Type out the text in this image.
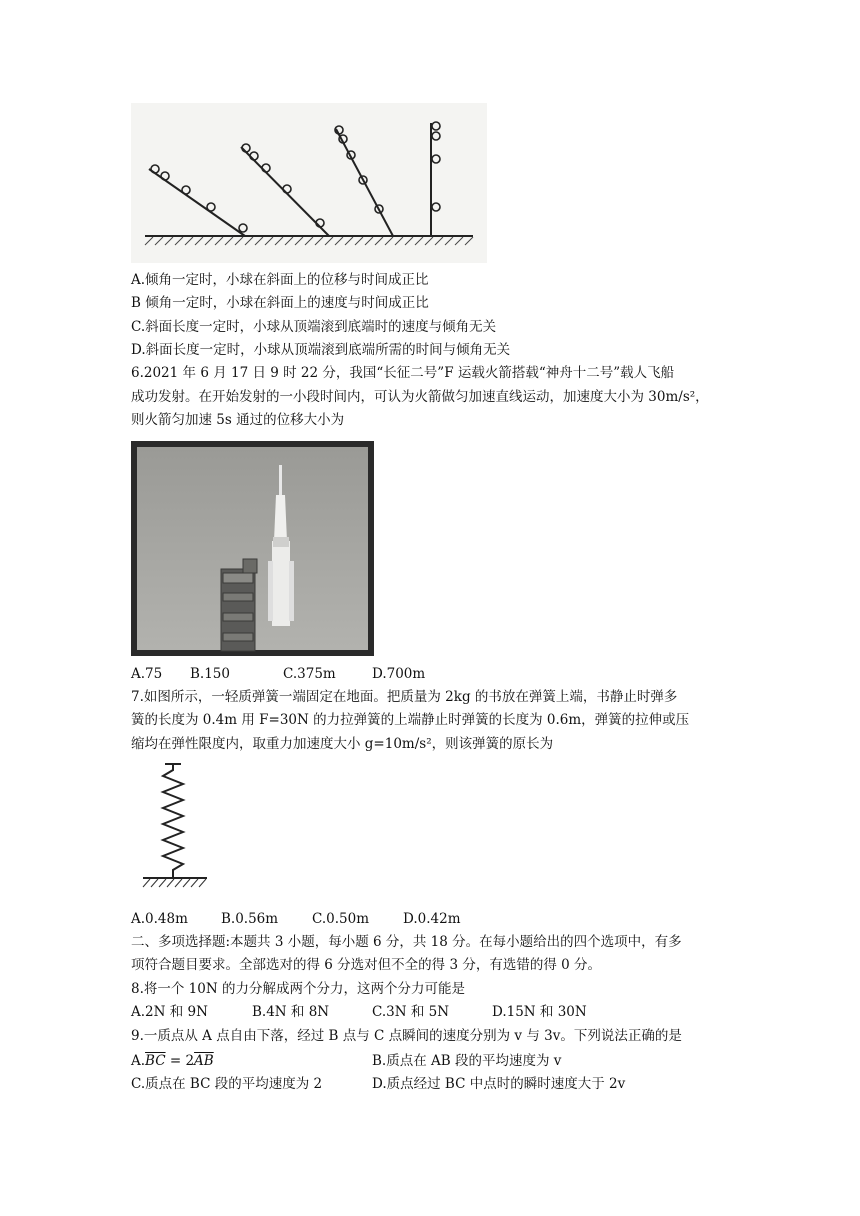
A.倾角一定时，小球在斜面上的位移与时间成正比
B 倾角一定时，小球在斜面上的速度与时间成正比
C.斜面长度一定时，小球从顶端滚到底端时的速度与倾角无关
D.斜面长度一定时，小球从顶端滚到底端所需的时间与倾角无关
6.2021 年 6 月 17 日 9 时 22 分，我国“长征二号”F 运载火箭搭载“神舟十二号”载人飞船
成功发射。在开始发射的一小段时间内，可认为火箭做匀加速直线运动，加速度大小为 30m/s²，
则火箭匀加速 5s 通过的位移大小为
A.75 B.150	C.375m	D.700m
7.如图所示，一轻质弹簧一端固定在地面。把质量为 2kg 的书放在弹簧上端，书静止时弹多
簧的长度为 0.4m 用 F=30N 的力拉弹簧的上端静止时弹簧的长度为 0.6m，弹簧的拉伸或压
缩均在弹性限度内，取重力加速度大小 g=10m/s²，则该弹簧的原长为
A.0.48m B.0.56m	C.0.50m	D.0.42m
二、多项选择题:本题共 3 小题，每小题 6 分，共 18 分。在每小题给出的四个选项中，有多
项符合题目要求。全部选对的得 6 分选对但不全的得 3 分，有选错的得 0 分。
8.将一个 10N 的力分解成两个分力，这两个分力可能是
A.2N 和 9N	B.4N 和 8N	C.3N 和 5N	D.15N 和 30N
9.一质点从 A 点自由下落，经过 B 点与 C 点瞬间的速度分别为 v 与 3v。下列说法正确的是
$A.\overline{BC} = 2\overline{AB}$	B.质点在 AB 段的平均速度为 v
C.质点在 BC 段的平均速度为 2	D.质点经过 BC 中点时的瞬时速度大于 2v
